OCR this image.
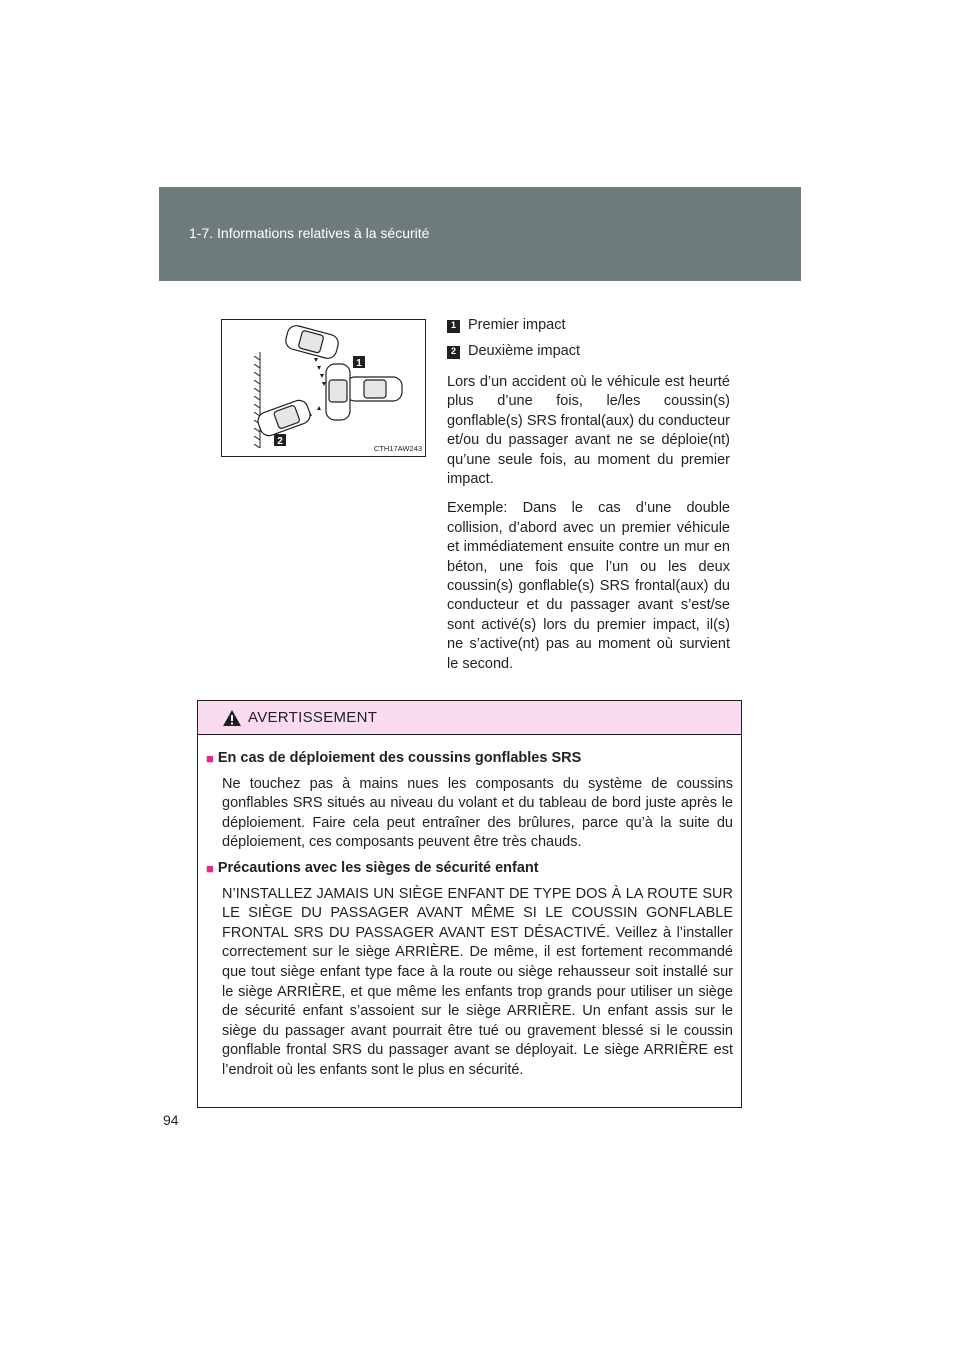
1-7. Informations relatives à la sécurité
1
2
CTH17AW243
1 Premier impact
2 Deuxième impact

Lors d’un accident où le véhicule est heurté plus d’une fois, le/les coussin(s) gonflable(s) SRS frontal(aux) du conducteur et/ou du passager avant ne se déploie(nt) qu’une seule fois, au moment du premier impact.

Exemple: Dans le cas d’une double collision, d’abord avec un premier véhicule et immédiatement ensuite contre un mur en béton, une fois que l’un ou les deux coussin(s) gonflable(s) SRS frontal(aux) du conducteur et du passager avant s’est/se sont activé(s) lors du premier impact, il(s) ne s’active(nt) pas au moment où survient le second.

AVERTISSEMENT
■ En cas de déploiement des coussins gonflables SRS

Ne touchez pas à mains nues les composants du système de coussins gonflables SRS situés au niveau du volant et du tableau de bord juste après le déploiement. Faire cela peut entraîner des brûlures, parce qu’à la suite du déploiement, ces composants peuvent être très chauds.

■ Précautions avec les sièges de sécurité enfant

N’INSTALLEZ JAMAIS UN SIÈGE ENFANT DE TYPE DOS À LA ROUTE SUR LE SIÈGE DU PASSAGER AVANT MÊME SI LE COUSSIN GONFLABLE FRONTAL SRS DU PASSAGER AVANT EST DÉSACTIVÉ. Veillez à l’installer correctement sur le siège ARRIÈRE. De même, il est fortement recommandé que tout siège enfant type face à la route ou siège rehausseur soit installé sur le siège ARRIÈRE, et que même les enfants trop grands pour utiliser un siège de sécurité enfant s’assoient sur le siège ARRIÈRE. Un enfant assis sur le siège du passager avant pourrait être tué ou gravement blessé si le coussin gonflable frontal SRS du passager avant se déployait. Le siège ARRIÈRE est l’endroit où les enfants sont le plus en sécurité.

94
